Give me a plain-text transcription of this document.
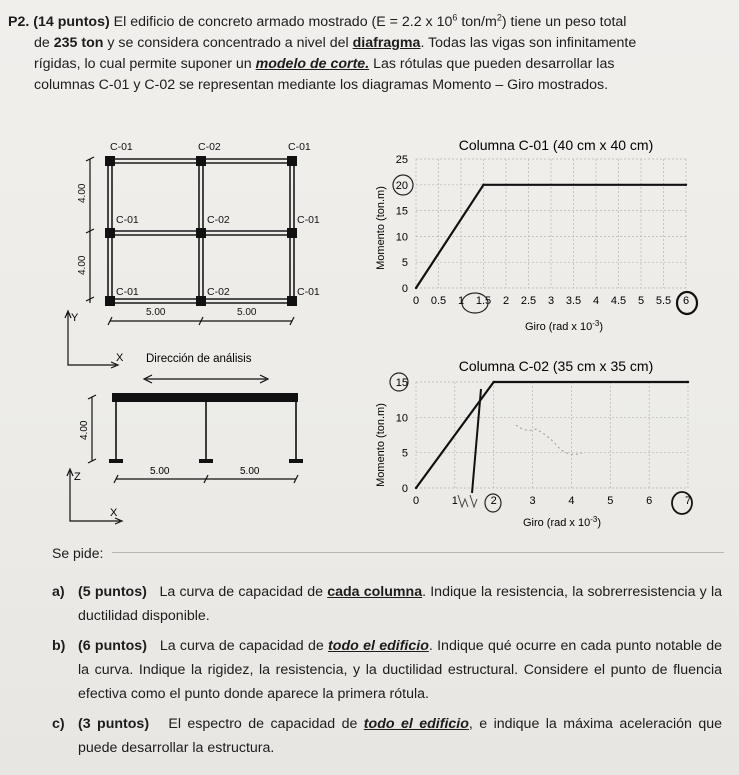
P2. (14 puntos) El edificio de concreto armado mostrado (E = 2.2 x $10^6$ ton/$m^2$) tiene un peso total

de 235 ton y se considera concentrado a nivel del diafragma. Todas las vigas son infinitamente

rígidas, lo cual permite suponer un modelo de corte. Las rótulas que pueden desarrollar las

columnas C-01 y C-02 se representan mediante los diagramas Momento – Giro mostrados.

C-01	C-02	C-01
C-01	C-02	C-01
C-01	C-02	C-01
4.00
4.00
5.00	5.00
Y
X Dirección de análisis
4.00
5.00	5.00
Z
X
Columna C-01 (40 cm x 40 cm)
Momento (ton.m)
Giro (rad x $10^{-3}$)
0 0.5 1 1.5 2 2.5 3 3.5 4 4.5 5 5.5 6
0
5
10
15
20
25
Columna C-02 (35 cm x 35 cm)
Momento (ton.m)
Giro (rad x $10^{-3}$)
0	1	2	3	4	5	6	7
0
5
10
15
Se pide:
a) (5 puntos) La curva de capacidad de cada columna. Indique la resistencia, la sobrerresistencia y la ductilidad disponible.
b) (6 puntos) La curva de capacidad de todo el edificio. Indique qué ocurre en cada punto notable de la curva. Indique la rigidez, la resistencia, y la ductilidad estructural. Considere el punto de fluencia efectiva como el punto donde aparece la primera rótula.
c) (3 puntos) El espectro de capacidad de todo el edificio, e indique la máxima aceleración que puede desarrollar la estructura.
